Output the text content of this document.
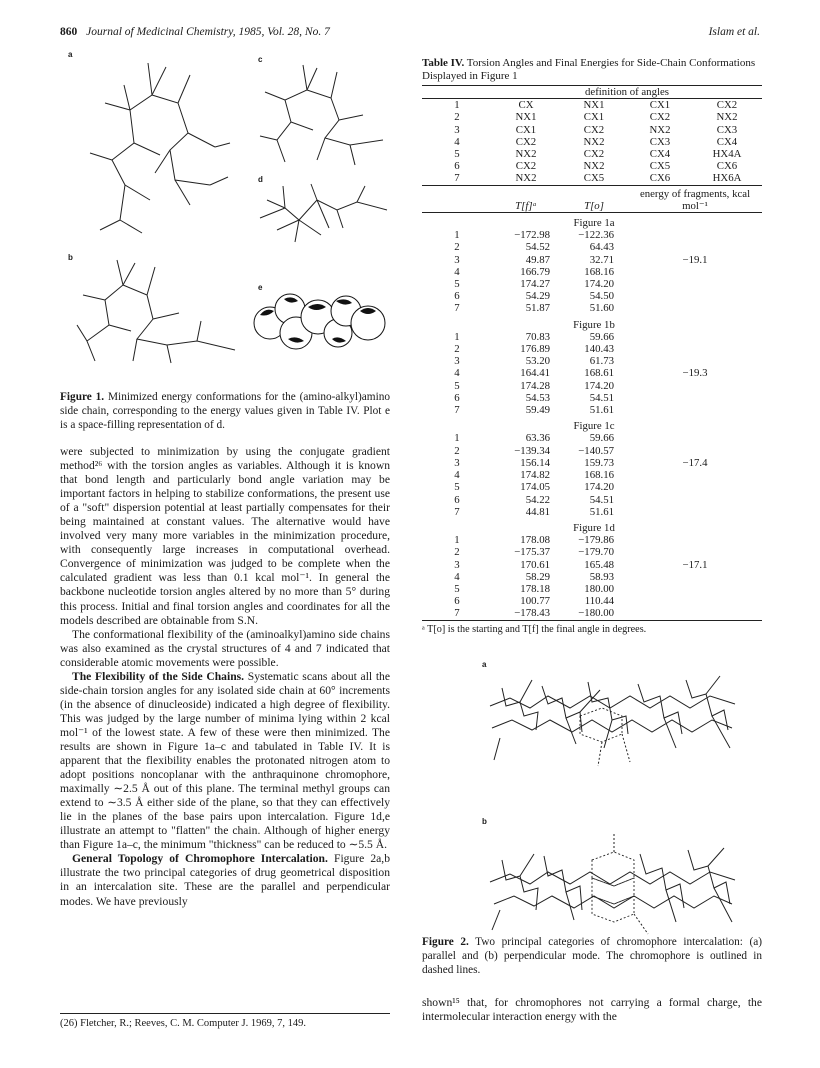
860 Journal of Medicinal Chemistry, 1985, Vol. 28, No. 7	Islam et al.
a
c
d
b
e
Figure 1. Minimized energy conformations for the (amino-alkyl)amino side chain, corresponding to the energy values given in Table IV. Plot e is a space-filling representation of d.

were subjected to minimization by using the conjugate gradient method²⁶ with the torsion angles as variables. Although it is known that bond length and particularly bond angle variation may be important factors in helping to stabilize conformations, the present use of a "soft" dispersion potential at least partially compensates for their being maintained at constant values. The alternative would have involved very many more variables in the minimization procedure, with consequently large increases in computational overhead. Convergence of minimization was judged to be complete when the calculated gradient was less than 0.1 kcal mol⁻¹. In general the backbone nucleotide torsion angles altered by no more than 5° during this process. Initial and final torsion angles and coordinates for all the models described are obtainable from S.N.

The conformational flexibility of the (aminoalkyl)amino side chains was also examined as the crystal structures of 4 and 7 indicated that considerable atomic movements were possible.

The Flexibility of the Side Chains. Systematic scans about all the side-chain torsion angles for any isolated side chain at 60° increments (in the absence of dinucleoside) indicated a high degree of flexibility. This was judged by the large number of minima lying within 2 kcal mol⁻¹ of the lowest state. A few of these were then minimized. The results are shown in Figure 1a–c and tabulated in Table IV. It is apparent that the flexibility enables the protonated nitrogen atom to adopt positions noncoplanar with the anthraquinone chromophore, maximally ∼2.5 Å out of this plane. The terminal methyl groups can extend to ∼3.5 Å either side of the plane, so that they can effectively lie in the planes of the base pairs upon intercalation. Figure 1d,e illustrate an attempt to "flatten" the chain. Although of higher energy than Figure 1a–c, the minimum "thickness" can be reduced to ∼5.5 Å.

General Topology of Chromophore Intercalation. Figure 2a,b illustrate the two principal categories of drug geometrical disposition in an intercalation site. These are the parallel and perpendicular modes. We have previously

(26) Fletcher, R.; Reeves, C. M. Computer J. 1969, 7, 149.
Table IV. Torsion Angles and Final Energies for Side-Chain Conformations Displayed in Figure 1
	definition of angles			
1	CX	NX1	CX1	CX2
2	NX1	CX1	CX2	NX2
3	CX1	CX2	NX2	CX3
4	CX2	NX2	CX3	CX4
5	NX2	CX2	CX4	HX4A
6	CX2	NX2	CX5	CX6
7	NX2	CX5	CX6	HX6A
	T[f]ᵃ	T[o]	energy of fragments, kcal mol⁻¹	
		Figure 1a		
1	−172.98	−122.36		
2	54.52	64.43		
3	49.87	32.71	−19.1	
4	166.79	168.16		
5	174.27	174.20		
6	54.29	54.50		
7	51.87	51.60		
		Figure 1b		
1	70.83	59.66		
2	176.89	140.43		
3	53.20	61.73		
4	164.41	168.61	−19.3	
5	174.28	174.20		
6	54.53	54.51		
7	59.49	51.61		
		Figure 1c		
1	63.36	59.66		
2	−139.34	−140.57		
3	156.14	159.73	−17.4	
4	174.82	168.16		
5	174.05	174.20		
6	54.22	54.51		
7	44.81	51.61		
		Figure 1d		
1	178.08	−179.86		
2	−175.37	−179.70		
3	170.61	165.48	−17.1	
4	58.29	58.93		
5	178.18	180.00		
6	100.77	110.44		
7	−178.43	−180.00		

ᵃ T[o] is the starting and T[f] the final angle in degrees.
a
b
Figure 2. Two principal categories of chromophore intercalation: (a) parallel and (b) perpendicular mode. The chromophore is outlined in dashed lines.

shown¹⁵ that, for chromophores not carrying a formal charge, the intermolecular interaction energy with the
